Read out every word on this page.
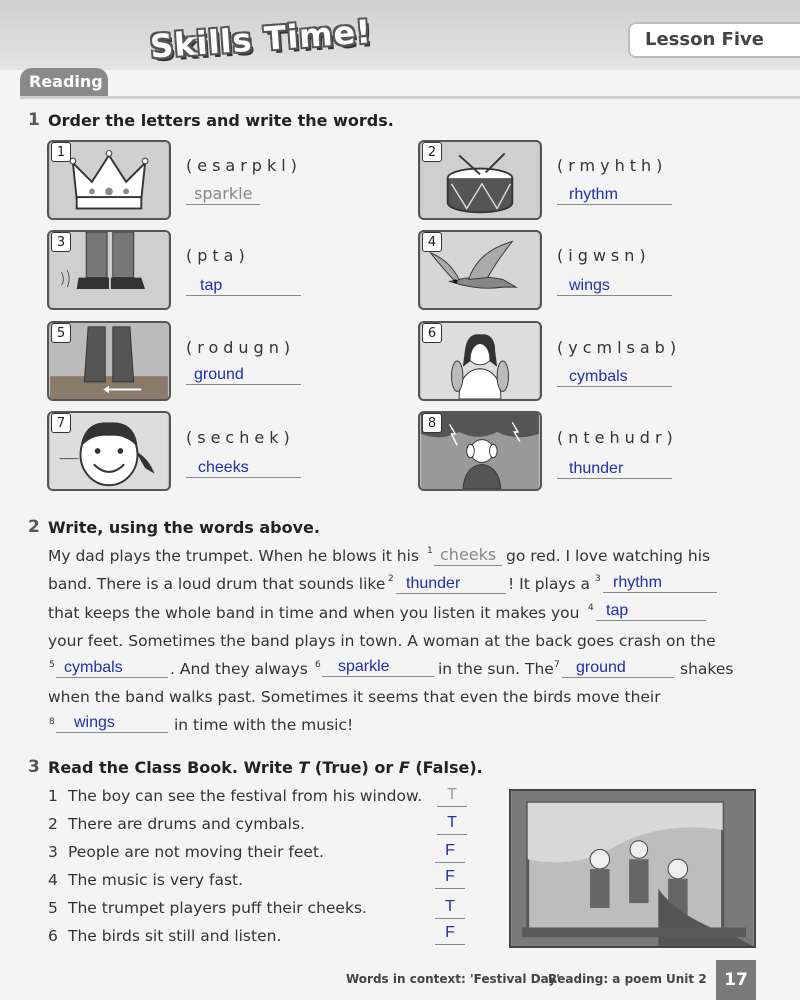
Skills Time!	Lesson Five
Reading
1 Order the letters and write the words.
1
(esarpkl)
sparkle
2
(rmyhth)
rhythm
3
(pta)
tap
4
(igwsn)
wings
5
(rodugn)
ground
6
(ycmlsab)
cymbals
7
(sechek)
cheeks
8
(ntehudr)
thunder
2 Write, using the words above.
My dad plays the trumpet. When he blows it his 1 cheeks go red. I love watching his
band. There is a loud drum that sounds like 2 thunder	! It plays a 3 rhythm
that keeps the whole band in time and when you listen it makes you 4 tap
your feet. Sometimes the band plays in town. A woman at the back goes crash on the
5 cymbals	. And they always 6	sparkle	in the sun. The 7	ground	shakes
when the band walks past. Sometimes it seems that even the birds move their
8	wings	in time with the music!
3 Read the Class Book. Write T (True) or F (False).
1 The boy can see the festival from his window.	T
2 There are drums and cymbals.	T
3 People are not moving their feet.	F
4 The music is very fast.	F
5 The trumpet players puff their cheeks.	T
6 The birds sit still and listen.	F
Words in context: 'Festival Day'
Reading: a poem Unit 2	17
